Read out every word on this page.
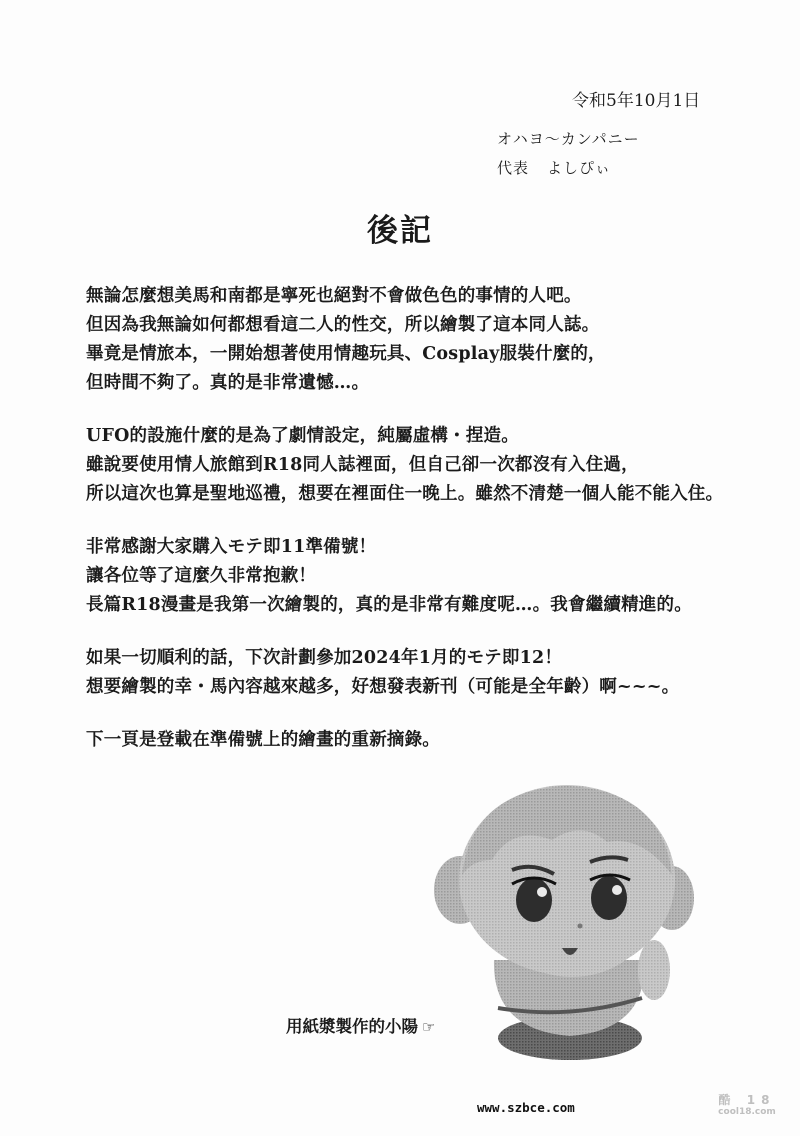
令和5年10月1日
オハヨ〜カンパニー
代表 よしぴぃ
後記
無論怎麼想美馬和南都是寧死也絕對不會做色色的事情的人吧。
但因為我無論如何都想看這二人的性交，所以繪製了這本同人誌。
畢竟是情旅本，一開始想著使用情趣玩具、Cosplay服裝什麼的，
但時間不夠了。真的是非常遺憾…。
UFO的設施什麼的是為了劇情設定，純屬虛構・捏造。
雖說要使用情人旅館到R18同人誌裡面，但自己卻一次都沒有入住過，
所以這次也算是聖地巡禮，想要在裡面住一晚上。雖然不清楚一個人能不能入住。
非常感謝大家購入モテ即11準備號！
讓各位等了這麼久非常抱歉！
長篇R18漫畫是我第一次繪製的，真的是非常有難度呢…。我會繼續精進的。
如果一切順利的話，下次計劃參加2024年1月的モテ即12！
想要繪製的幸・馬內容越來越多，好想發表新刊（可能是全年齡）啊~~~。
下一頁是登載在準備號上的繪畫的重新摘錄。
用紙漿製作的小陽 ☞
www.szbce.com	酷 18
cool18.com
